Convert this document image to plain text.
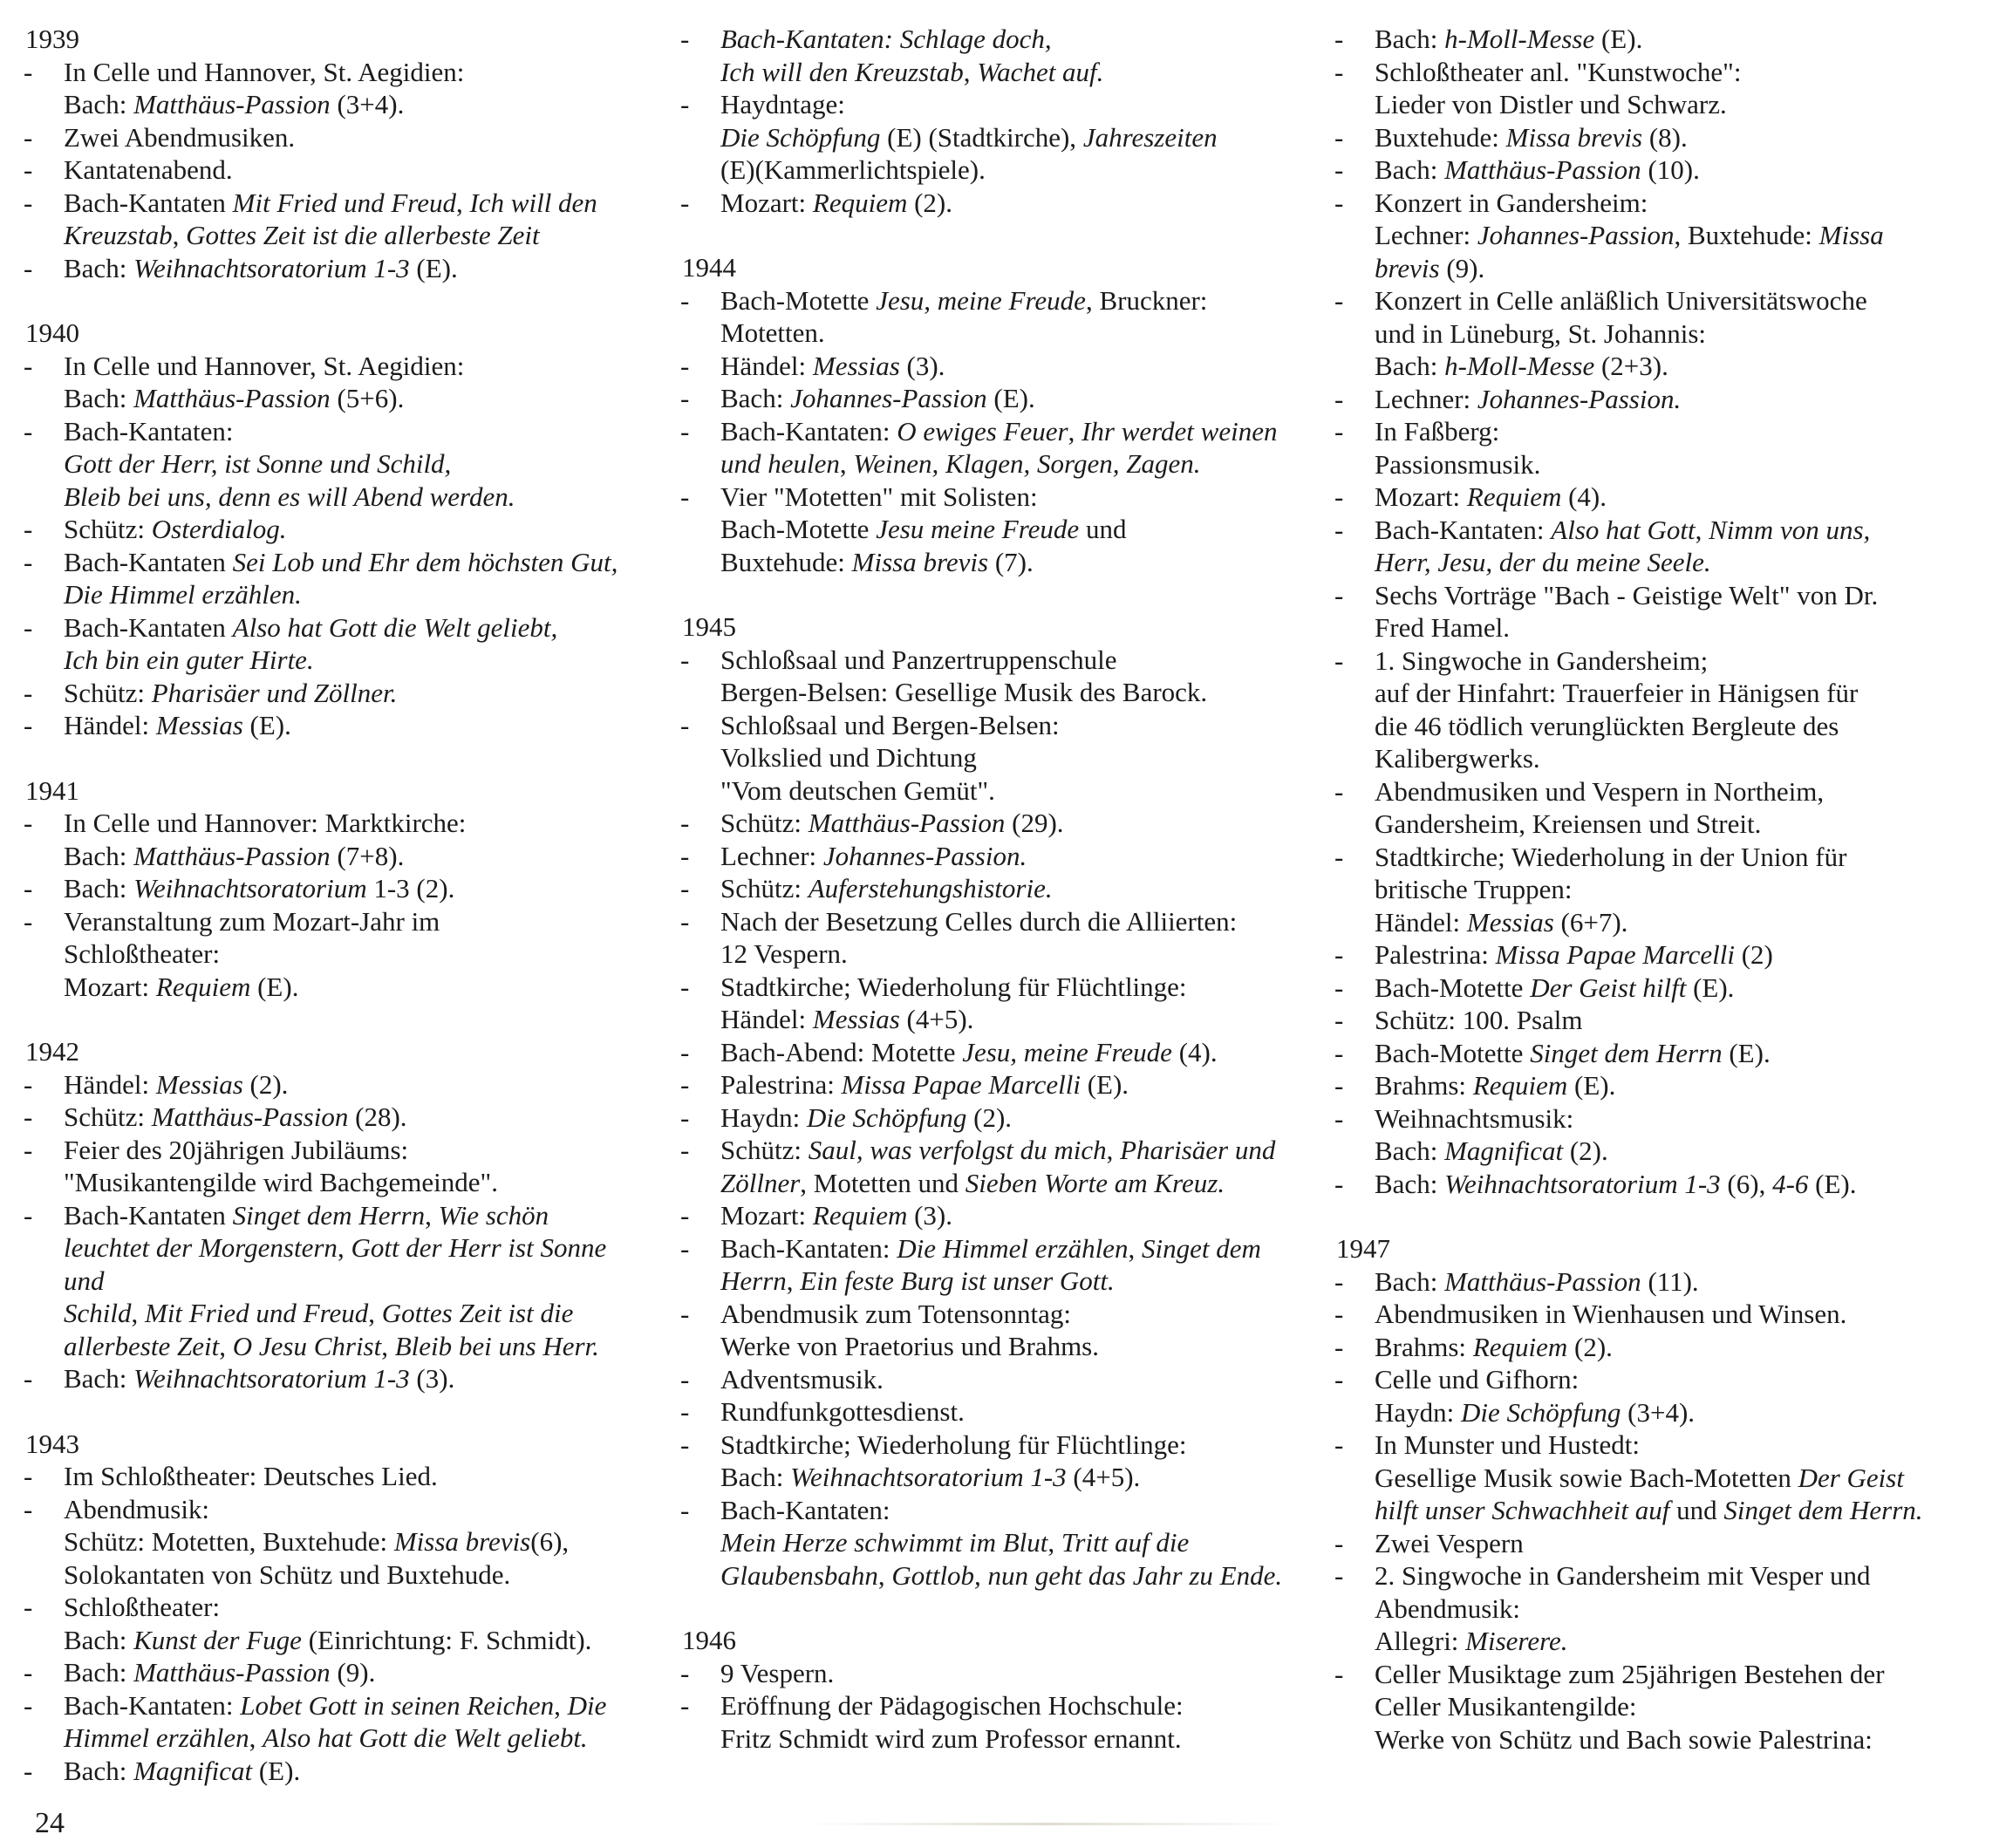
1939
- In Celle und Hannover, St. Aegidien:
Bach: Matthäus-Passion (3+4).
- Zwei Abendmusiken.
- Kantatenabend.
- Bach-Kantaten Mit Fried und Freud, Ich will den
Kreuzstab, Gottes Zeit ist die allerbeste Zeit
- Bach: Weihnachtsoratorium 1-3 (E).
1940
- In Celle und Hannover, St. Aegidien:
Bach: Matthäus-Passion (5+6).
- Bach-Kantaten:
Gott der Herr, ist Sonne und Schild,
Bleib bei uns, denn es will Abend werden.
- Schütz: Osterdialog.
- Bach-Kantaten Sei Lob und Ehr dem höchsten Gut,
Die Himmel erzählen.
- Bach-Kantaten Also hat Gott die Welt geliebt,
Ich bin ein guter Hirte.
- Schütz: Pharisäer und Zöllner.
- Händel: Messias (E).
1941
- In Celle und Hannover: Marktkirche:
Bach: Matthäus-Passion (7+8).
- Bach: Weihnachtsoratorium 1-3 (2).
- Veranstaltung zum Mozart-Jahr im
Schloßtheater:
Mozart: Requiem (E).
1942
- Händel: Messias (2).
- Schütz: Matthäus-Passion (28).
- Feier des 20jährigen Jubiläums:
"Musikantengilde wird Bachgemeinde".
- Bach-Kantaten Singet dem Herrn, Wie schön
leuchtet der Morgenstern, Gott der Herr ist Sonne und
Schild, Mit Fried und Freud, Gottes Zeit ist die
allerbeste Zeit, O Jesu Christ, Bleib bei uns Herr.
- Bach: Weihnachtsoratorium 1-3 (3).
1943
- Im Schloßtheater: Deutsches Lied.
- Abendmusik:
Schütz: Motetten, Buxtehude: Missa brevis(6),
Solokantaten von Schütz und Buxtehude.
- Schloßtheater:
Bach: Kunst der Fuge (Einrichtung: F. Schmidt).
- Bach: Matthäus-Passion (9).
- Bach-Kantaten: Lobet Gott in seinen Reichen, Die
Himmel erzählen, Also hat Gott die Welt geliebt.
- Bach: Magnificat (E).
- Bach-Kantaten: Schlage doch,
Ich will den Kreuzstab, Wachet auf.
- Haydntage:
Die Schöpfung (E) (Stadtkirche), Jahreszeiten
(E)(Kammerlichtspiele).
- Mozart: Requiem (2).
1944
- Bach-Motette Jesu, meine Freude, Bruckner:
Motetten.
- Händel: Messias (3).
- Bach: Johannes-Passion (E).
- Bach-Kantaten: O ewiges Feuer, Ihr werdet weinen
und heulen, Weinen, Klagen, Sorgen, Zagen.
- Vier "Motetten" mit Solisten:
Bach-Motette Jesu meine Freude und
Buxtehude: Missa brevis (7).
1945
- Schloßsaal und Panzertruppenschule
Bergen-Belsen: Gesellige Musik des Barock.
- Schloßsaal und Bergen-Belsen:
Volkslied und Dichtung
"Vom deutschen Gemüt".
- Schütz: Matthäus-Passion (29).
- Lechner: Johannes-Passion.
- Schütz: Auferstehungshistorie.
- Nach der Besetzung Celles durch die Alliierten:
12 Vespern.
- Stadtkirche; Wiederholung für Flüchtlinge:
Händel: Messias (4+5).
- Bach-Abend: Motette Jesu, meine Freude (4).
- Palestrina: Missa Papae Marcelli (E).
- Haydn: Die Schöpfung (2).
- Schütz: Saul, was verfolgst du mich, Pharisäer und
Zöllner, Motetten und Sieben Worte am Kreuz.
- Mozart: Requiem (3).
- Bach-Kantaten: Die Himmel erzählen, Singet dem
Herrn, Ein feste Burg ist unser Gott.
- Abendmusik zum Totensonntag:
Werke von Praetorius und Brahms.
- Adventsmusik.
- Rundfunkgottesdienst.
- Stadtkirche; Wiederholung für Flüchtlinge:
Bach: Weihnachtsoratorium 1-3 (4+5).
- Bach-Kantaten:
Mein Herze schwimmt im Blut, Tritt auf die
Glaubensbahn, Gottlob, nun geht das Jahr zu Ende.
1946
- 9 Vespern.
- Eröffnung der Pädagogischen Hochschule:
Fritz Schmidt wird zum Professor ernannt.
- Bach: h-Moll-Messe (E).
- Schloßtheater anl. "Kunstwoche":
Lieder von Distler und Schwarz.
- Buxtehude: Missa brevis (8).
- Bach: Matthäus-Passion (10).
- Konzert in Gandersheim:
Lechner: Johannes-Passion, Buxtehude: Missa
brevis (9).
- Konzert in Celle anläßlich Universitätswoche
und in Lüneburg, St. Johannis:
Bach: h-Moll-Messe (2+3).
- Lechner: Johannes-Passion.
- In Faßberg:
Passionsmusik.
- Mozart: Requiem (4).
- Bach-Kantaten: Also hat Gott, Nimm von uns,
Herr, Jesu, der du meine Seele.
- Sechs Vorträge "Bach - Geistige Welt" von Dr.
Fred Hamel.
- 1. Singwoche in Gandersheim;
auf der Hinfahrt: Trauerfeier in Hänigsen für
die 46 tödlich verunglückten Bergleute des
Kalibergwerks.
- Abendmusiken und Vespern in Northeim,
Gandersheim, Kreiensen und Streit.
- Stadtkirche; Wiederholung in der Union für
britische Truppen:
Händel: Messias (6+7).
- Palestrina: Missa Papae Marcelli (2)
- Bach-Motette Der Geist hilft (E).
- Schütz: 100. Psalm
- Bach-Motette Singet dem Herrn (E).
- Brahms: Requiem (E).
- Weihnachtsmusik:
Bach: Magnificat (2).
- Bach: Weihnachtsoratorium 1-3 (6), 4-6 (E).
1947
- Bach: Matthäus-Passion (11).
- Abendmusiken in Wienhausen und Winsen.
- Brahms: Requiem (2).
- Celle und Gifhorn:
Haydn: Die Schöpfung (3+4).
- In Munster und Hustedt:
Gesellige Musik sowie Bach-Motetten Der Geist
hilft unser Schwachheit auf und Singet dem Herrn.
- Zwei Vespern
- 2. Singwoche in Gandersheim mit Vesper und
Abendmusik:
Allegri: Miserere.
- Celler Musiktage zum 25jährigen Bestehen der
Celler Musikantengilde:
Werke von Schütz und Bach sowie Palestrina:
24
